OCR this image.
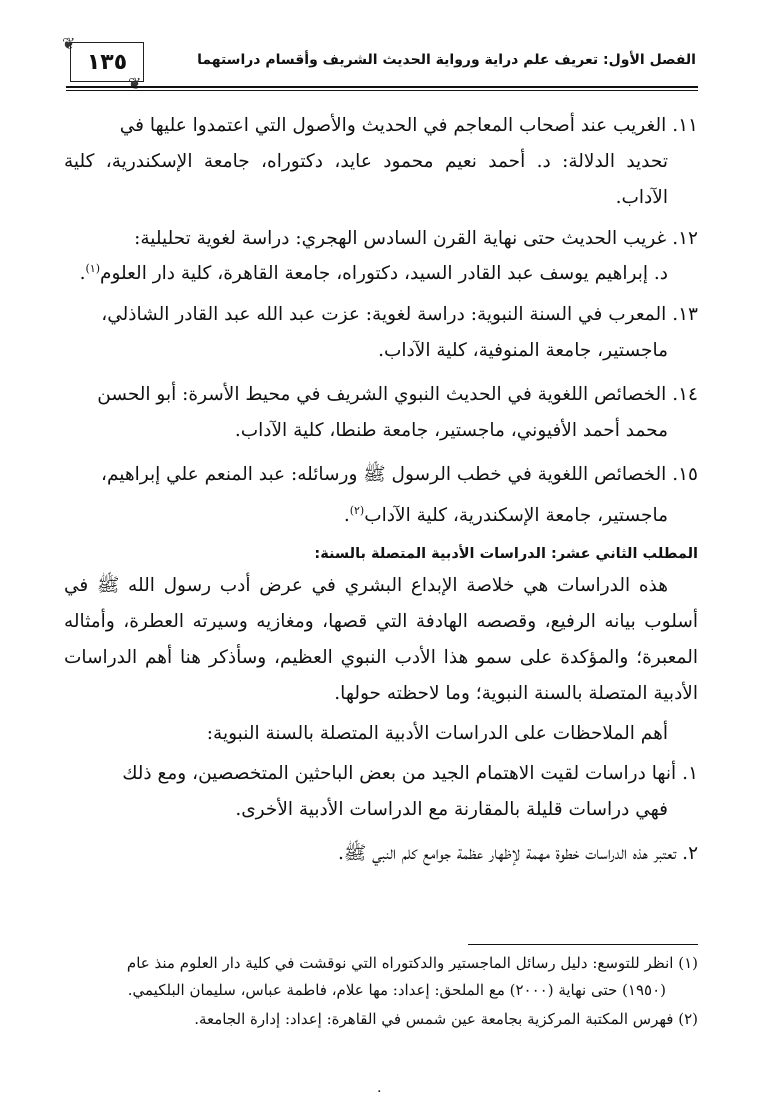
الفصل الأول: تعريف علم دراية ورواية الحديث الشريف وأقسام دراستهما
❦
١٣٥
❦
١١.الغريب عند أصحاب المعاجم في الحديث والأصول التي اعتمدوا عليها في
تحديد الدلالة: د. أحمد نعيم محمود عايد، دكتوراه، جامعة الإسكندرية، كلية الآداب.
١٢.غريب الحديث حتى نهاية القرن السادس الهجري: دراسة لغوية تحليلية:
د. إبراهيم يوسف عبد القادر السيد، دكتوراه، جامعة القاهرة، كلية دار العلوم$^{(١)}$.
١٣.المعرب في السنة النبوية: دراسة لغوية: عزت عبد الله عبد القادر الشاذلي،
ماجستير، جامعة المنوفية، كلية الآداب.
١٤.الخصائص اللغوية في الحديث النبوي الشريف في محيط الأسرة: أبو الحسن
محمد أحمد الأفيوني، ماجستير، جامعة طنطا، كلية الآداب.
١٥.الخصائص اللغوية في خطب الرسول ﷺ ورسائله: عبد المنعم علي إبراهيم،
ماجستير، جامعة الإسكندرية، كلية الآداب$^{(٢)}$.
المطلب الثاني عشر: الدراسات الأدبية المتصلة بالسنة:

هذه الدراسات هي خلاصة الإبداع البشري في عرض أدب رسول الله ﷺ في أسلوب بيانه الرفيع، وقصصه الهادفة التي قصها، ومغازيه وسيرته العطرة، وأمثاله المعبرة؛ والمؤكدة على سمو هذا الأدب النبوي العظيم، وسأذكر هنا أهم الدراسات الأدبية المتصلة بالسنة النبوية؛ وما لاحظته حولها.

أهم الملاحظات على الدراسات الأدبية المتصلة بالسنة النبوية:
١.أنها دراسات لقيت الاهتمام الجيد من بعض الباحثين المتخصصين، ومع ذلك
فهي دراسات قليلة بالمقارنة مع الدراسات الأدبية الأخرى.
٢.تعتبر هذه الدراسات خطوة مهمة لإظهار عظمة جوامع كلم النبي ﷺ.
(١) انظر للتوسع: دليل رسائل الماجستير والدكتوراه التي نوقشت في كلية دار العلوم منذ عام
(١٩٥٠) حتى نهاية (٢٠٠٠) مع الملحق: إعداد: مها علام، فاطمة عباس، سليمان البلكيمي.
(٢) فهرس المكتبة المركزية بجامعة عين شمس في القاهرة: إعداد: إدارة الجامعة.
.
